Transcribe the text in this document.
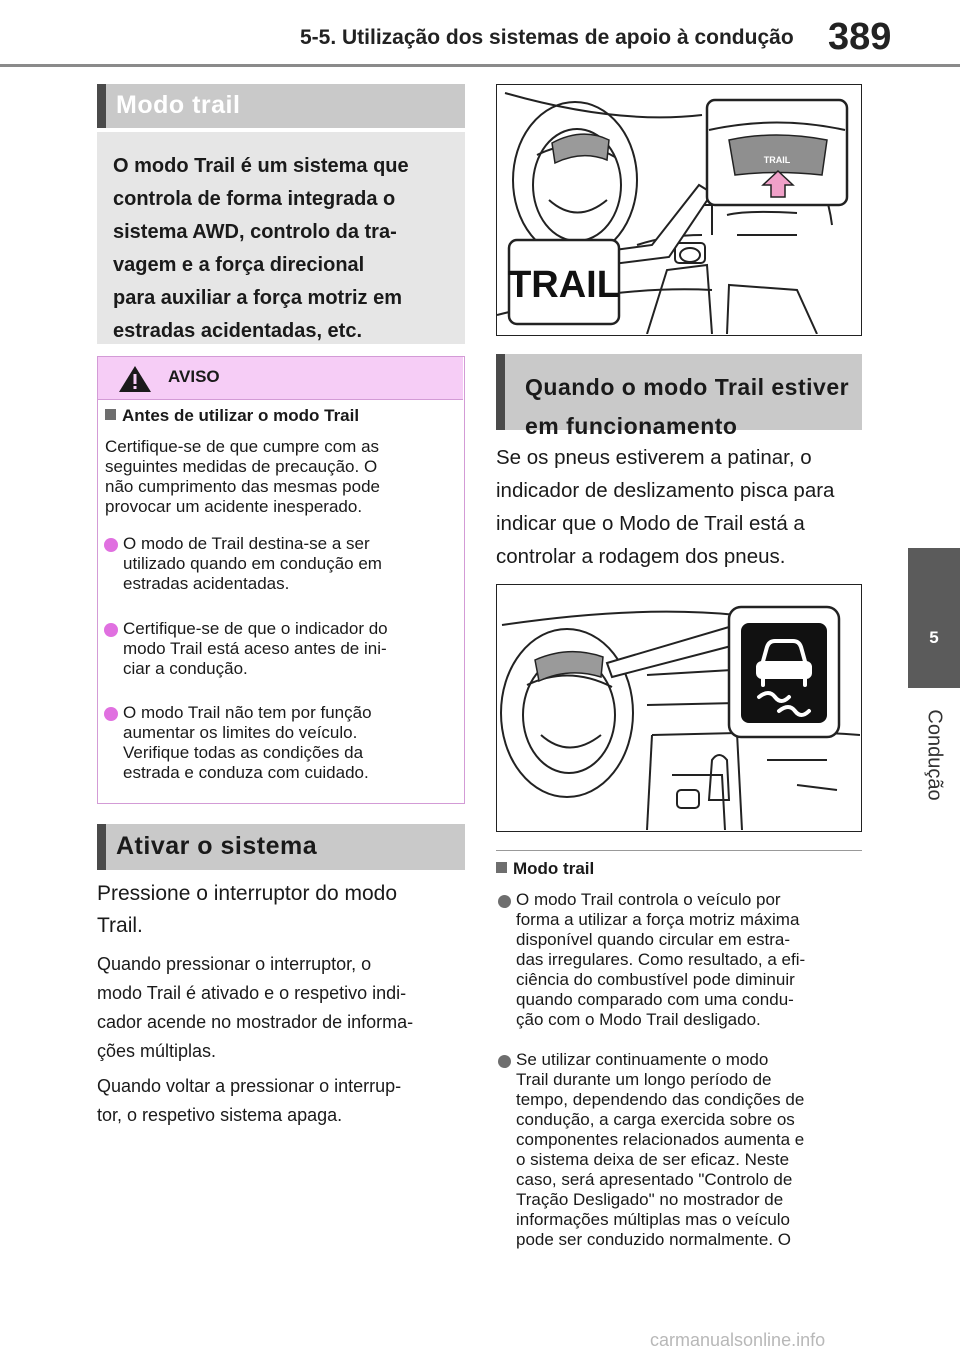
5-5. Utilização dos sistemas de apoio à condução 389
5
Condução
Modo trail
O modo Trail é um sistema que
controla de forma integrada o
sistema AWD, controlo da tra-
vagem e a força direcional
para auxiliar a força motriz em
estradas acidentadas, etc.
AVISO
Antes de utilizar o modo Trail
Certifique-se de que cumpre com as
seguintes medidas de precaução. O
não cumprimento das mesmas pode
provocar um acidente inesperado.
O modo de Trail destina-se a ser
utilizado quando em condução em
estradas acidentadas.
Certifique-se de que o indicador do
modo Trail está aceso antes de ini-
ciar a condução.
O modo Trail não tem por função
aumentar os limites do veículo.
Verifique todas as condições da
estrada e conduza com cuidado.
Ativar o sistema
Pressione o interruptor do modo
Trail.
Quando pressionar o interruptor, o
modo Trail é ativado e o respetivo indi-
cador acende no mostrador de informa-
ções múltiplas.
Quando voltar a pressionar o interrup-
tor, o respetivo sistema apaga.
TRAIL
TRAIL
Quando o modo Trail estiver
em funcionamento
Se os pneus estiverem a patinar, o
indicador de deslizamento pisca para
indicar que o Modo de Trail está a
controlar a rodagem dos pneus.
Modo trail
O modo Trail controla o veículo por
forma a utilizar a força motriz máxima
disponível quando circular em estra-
das irregulares. Como resultado, a efi-
ciência do combustível pode diminuir
quando comparado com uma condu-
ção com o Modo Trail desligado.
Se utilizar continuamente o modo
Trail durante um longo período de
tempo, dependendo das condições de
condução, a carga exercida sobre os
componentes relacionados aumenta e
o sistema deixa de ser eficaz. Neste
caso, será apresentado "Controlo de
Tração Desligado" no mostrador de
informações múltiplas mas o veículo
pode ser conduzido normalmente. O
carmanualsonline.info
